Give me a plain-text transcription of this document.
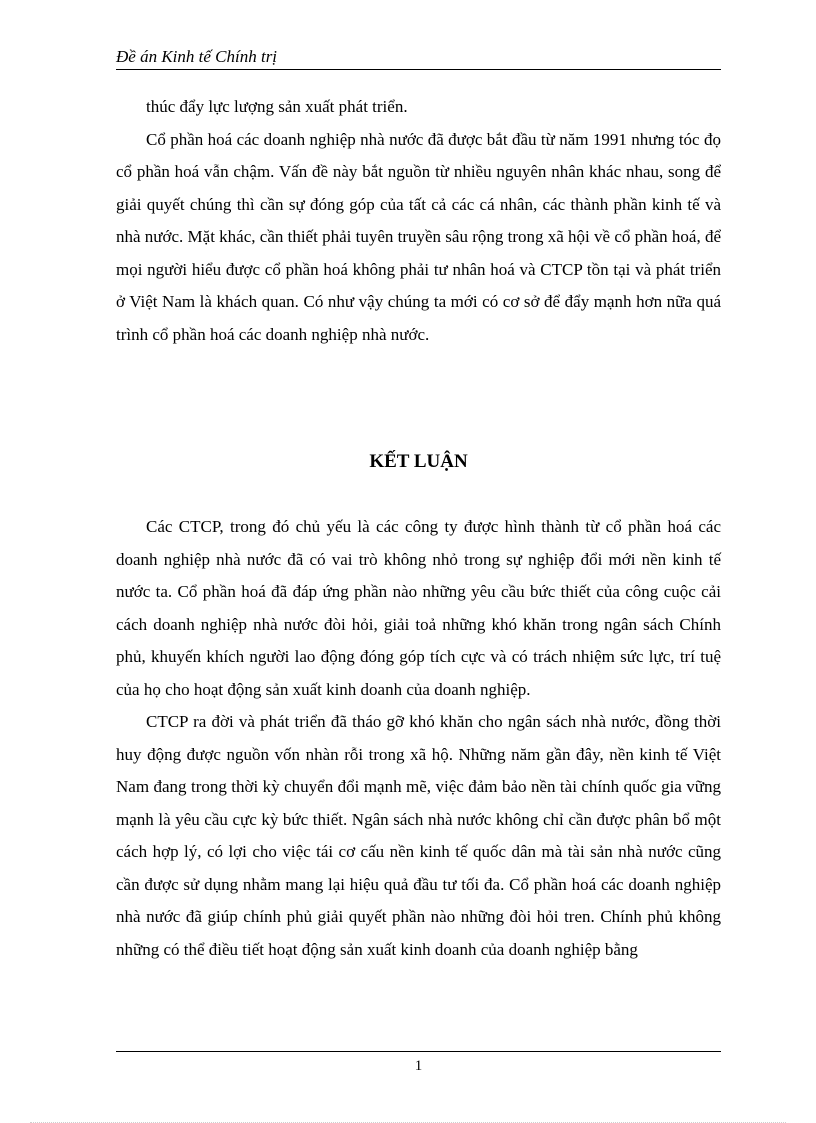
Đề án Kinh tế Chính trị

thúc đẩy lực lượng sản xuất phát triển.

Cổ phần hoá các doanh nghiệp nhà nước đã được bắt đầu từ năm 1991 nhưng tóc đọ cổ phần hoá vẫn chậm. Vấn đề này bắt nguồn từ nhiều nguyên nhân khác nhau, song để giải quyết chúng thì cần sự đóng góp của tất cả các cá nhân, các thành phần kinh tế và nhà nước. Mặt khác, cần thiết phải tuyên truyền sâu rộng trong xã hội về cổ phần hoá, để mọi người hiểu được cổ phần hoá không phải tư nhân hoá và CTCP tồn tại và phát triển ở Việt Nam là khách quan. Có như vậy chúng ta mới có cơ sở để đẩy mạnh hơn nữa quá trình cổ phần hoá các doanh nghiệp nhà nước.

KẾT LUẬN

Các CTCP, trong đó chủ yếu là các công ty được hình thành từ cổ phần hoá các doanh nghiệp nhà nước đã có vai trò không nhỏ trong sự nghiệp đổi mới nền kinh tế nước ta. Cổ phần hoá đã đáp ứng phần nào những yêu cầu bức thiết của công cuộc cải cách doanh nghiệp nhà nước đòi hỏi, giải toả những khó khăn trong ngân sách Chính phủ, khuyến khích người lao động đóng góp tích cực và có trách nhiệm sức lực, trí tuệ của họ cho hoạt động sản xuất kinh doanh của doanh nghiệp.

CTCP ra đời và phát triển đã tháo gỡ khó khăn cho ngân sách nhà nước, đồng thời huy động được nguồn vốn nhàn rỗi trong xã hộ. Những năm gần đây, nền kinh tế Việt Nam đang trong thời kỳ chuyển đổi mạnh mẽ, việc đảm bảo nền tài chính quốc gia vững mạnh là yêu cầu cực kỳ bức thiết. Ngân sách nhà nước không chỉ cần được phân bổ một cách hợp lý, có lợi cho việc tái cơ cấu nền kinh tế quốc dân mà tài sản nhà nước cũng cần được sử dụng nhằm mang lại hiệu quả đầu tư tối đa. Cổ phần hoá các doanh nghiệp nhà nước đã giúp chính phủ giải quyết phần nào những đòi hỏi tren. Chính phủ không những có thể điều tiết hoạt động sản xuất kinh doanh của doanh nghiệp bằng

1
